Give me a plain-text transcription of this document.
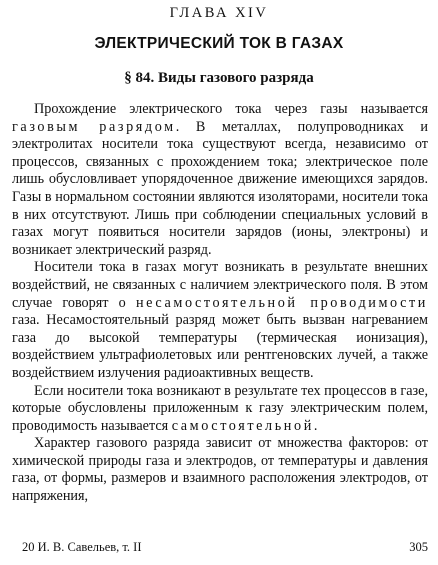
ГЛАВА XIV
ЭЛЕКТРИЧЕСКИЙ ТОК В ГАЗАХ
§ 84. Виды газового разряда

Прохождение электрического тока через газы называется газовым разрядом. В металлах, полупроводниках и электролитах носители тока существуют всегда, независимо от процессов, связанных с прохождением тока; электрическое поле лишь обусловливает упорядоченное движение имеющихся зарядов. Газы в нормальном состоянии являются изоляторами, носители тока в них отсутствуют. Лишь при соблюдении специальных условий в газах могут появиться носители зарядов (ионы, электроны) и возникает электрический разряд.

Носители тока в газах могут возникать в результате внешних воздействий, не связанных с наличием электрического поля. В этом случае говорят о несамостоятельной проводимости газа. Несамостоятельный разряд может быть вызван нагреванием газа до высокой температуры (термическая ионизация), воздействием ультрафиолетовых или рентгеновских лучей, а также воздействием излучения радиоактивных веществ.

Если носители тока возникают в результате тех процессов в газе, которые обусловлены приложенным к газу электрическим полем, проводимость называется самостоятельной.

Характер газового разряда зависит от множества факторов: от химической природы газа и электродов, от температуры и давления газа, от формы, размеров и взаимного расположения электродов, от напряжения,

20 И. В. Савельев, т. II	305
